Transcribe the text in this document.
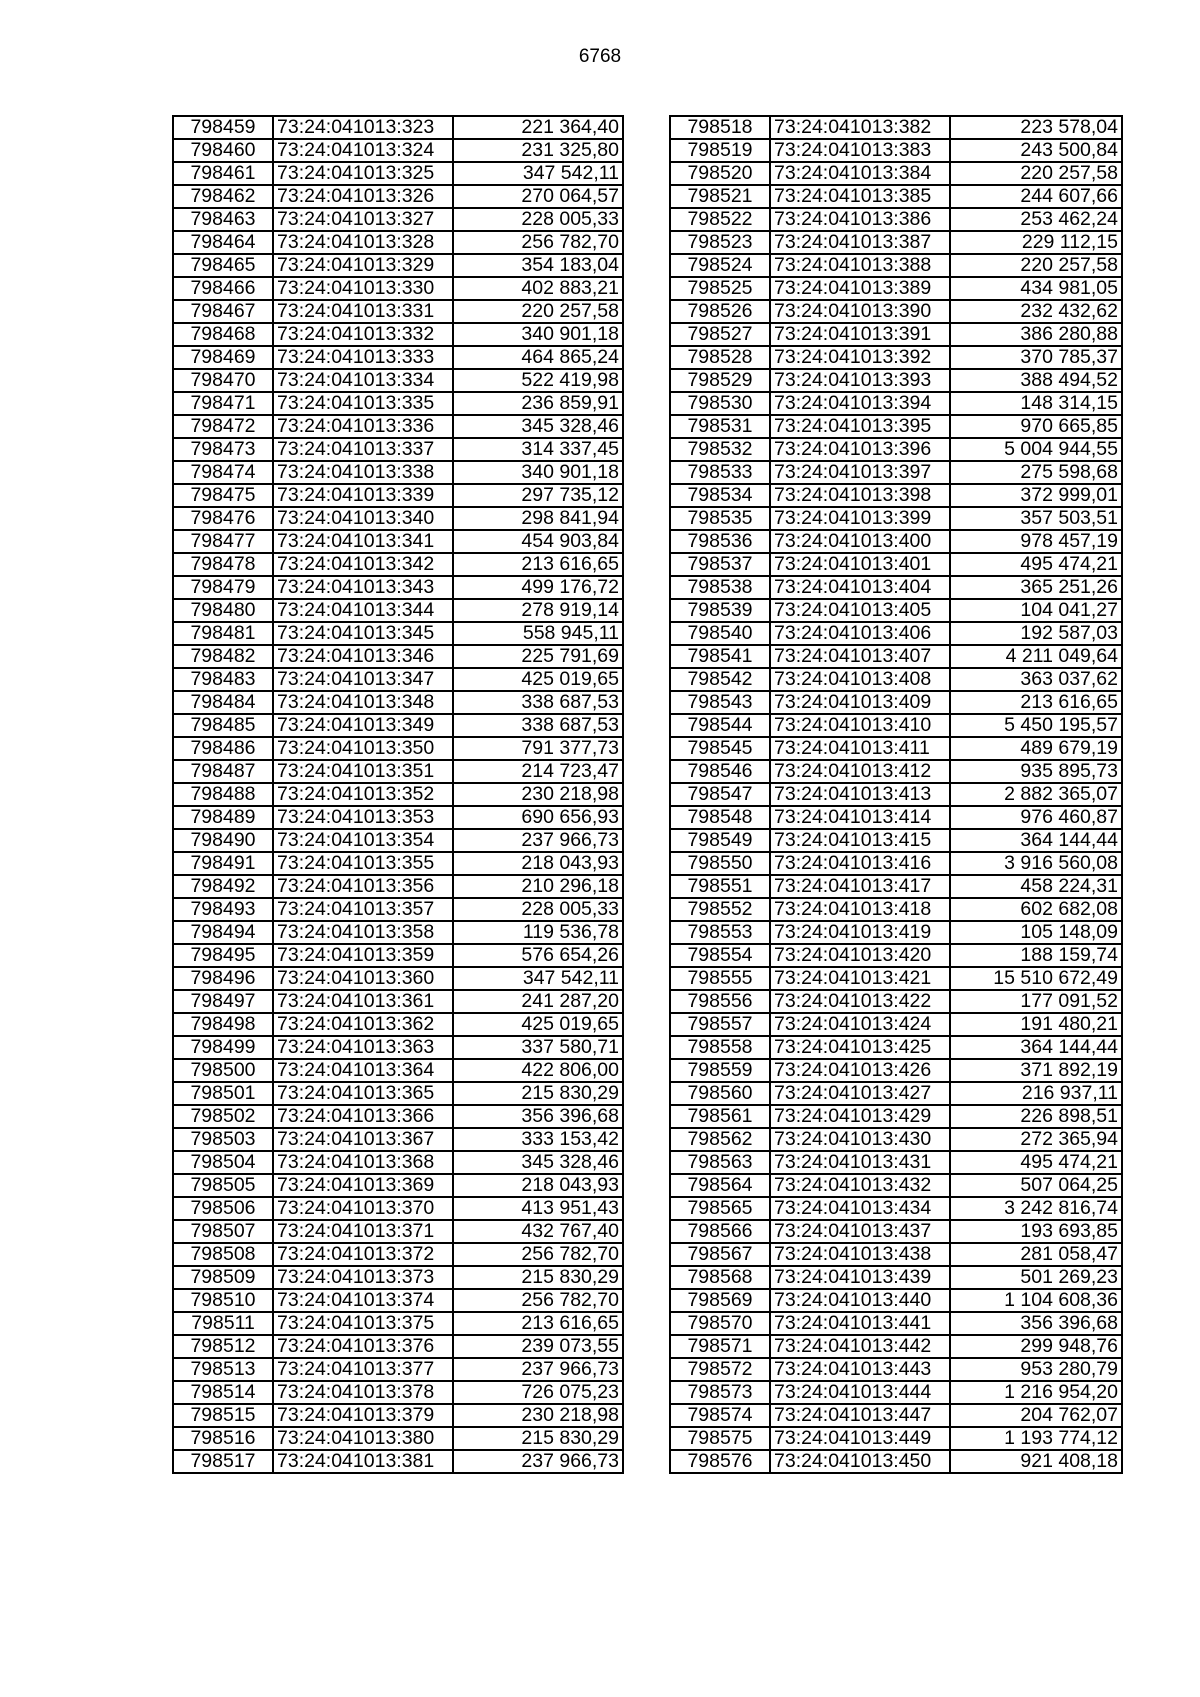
6768
798459	73:24:041013:323	221 364,40
798460	73:24:041013:324	231 325,80
798461	73:24:041013:325	347 542,11
798462	73:24:041013:326	270 064,57
798463	73:24:041013:327	228 005,33
798464	73:24:041013:328	256 782,70
798465	73:24:041013:329	354 183,04
798466	73:24:041013:330	402 883,21
798467	73:24:041013:331	220 257,58
798468	73:24:041013:332	340 901,18
798469	73:24:041013:333	464 865,24
798470	73:24:041013:334	522 419,98
798471	73:24:041013:335	236 859,91
798472	73:24:041013:336	345 328,46
798473	73:24:041013:337	314 337,45
798474	73:24:041013:338	340 901,18
798475	73:24:041013:339	297 735,12
798476	73:24:041013:340	298 841,94
798477	73:24:041013:341	454 903,84
798478	73:24:041013:342	213 616,65
798479	73:24:041013:343	499 176,72
798480	73:24:041013:344	278 919,14
798481	73:24:041013:345	558 945,11
798482	73:24:041013:346	225 791,69
798483	73:24:041013:347	425 019,65
798484	73:24:041013:348	338 687,53
798485	73:24:041013:349	338 687,53
798486	73:24:041013:350	791 377,73
798487	73:24:041013:351	214 723,47
798488	73:24:041013:352	230 218,98
798489	73:24:041013:353	690 656,93
798490	73:24:041013:354	237 966,73
798491	73:24:041013:355	218 043,93
798492	73:24:041013:356	210 296,18
798493	73:24:041013:357	228 005,33
798494	73:24:041013:358	119 536,78
798495	73:24:041013:359	576 654,26
798496	73:24:041013:360	347 542,11
798497	73:24:041013:361	241 287,20
798498	73:24:041013:362	425 019,65
798499	73:24:041013:363	337 580,71
798500	73:24:041013:364	422 806,00
798501	73:24:041013:365	215 830,29
798502	73:24:041013:366	356 396,68
798503	73:24:041013:367	333 153,42
798504	73:24:041013:368	345 328,46
798505	73:24:041013:369	218 043,93
798506	73:24:041013:370	413 951,43
798507	73:24:041013:371	432 767,40
798508	73:24:041013:372	256 782,70
798509	73:24:041013:373	215 830,29
798510	73:24:041013:374	256 782,70
798511	73:24:041013:375	213 616,65
798512	73:24:041013:376	239 073,55
798513	73:24:041013:377	237 966,73
798514	73:24:041013:378	726 075,23
798515	73:24:041013:379	230 218,98
798516	73:24:041013:380	215 830,29
798517	73:24:041013:381	237 966,73
798518	73:24:041013:382	223 578,04
798519	73:24:041013:383	243 500,84
798520	73:24:041013:384	220 257,58
798521	73:24:041013:385	244 607,66
798522	73:24:041013:386	253 462,24
798523	73:24:041013:387	229 112,15
798524	73:24:041013:388	220 257,58
798525	73:24:041013:389	434 981,05
798526	73:24:041013:390	232 432,62
798527	73:24:041013:391	386 280,88
798528	73:24:041013:392	370 785,37
798529	73:24:041013:393	388 494,52
798530	73:24:041013:394	148 314,15
798531	73:24:041013:395	970 665,85
798532	73:24:041013:396	5 004 944,55
798533	73:24:041013:397	275 598,68
798534	73:24:041013:398	372 999,01
798535	73:24:041013:399	357 503,51
798536	73:24:041013:400	978 457,19
798537	73:24:041013:401	495 474,21
798538	73:24:041013:404	365 251,26
798539	73:24:041013:405	104 041,27
798540	73:24:041013:406	192 587,03
798541	73:24:041013:407	4 211 049,64
798542	73:24:041013:408	363 037,62
798543	73:24:041013:409	213 616,65
798544	73:24:041013:410	5 450 195,57
798545	73:24:041013:411	489 679,19
798546	73:24:041013:412	935 895,73
798547	73:24:041013:413	2 882 365,07
798548	73:24:041013:414	976 460,87
798549	73:24:041013:415	364 144,44
798550	73:24:041013:416	3 916 560,08
798551	73:24:041013:417	458 224,31
798552	73:24:041013:418	602 682,08
798553	73:24:041013:419	105 148,09
798554	73:24:041013:420	188 159,74
798555	73:24:041013:421	15 510 672,49
798556	73:24:041013:422	177 091,52
798557	73:24:041013:424	191 480,21
798558	73:24:041013:425	364 144,44
798559	73:24:041013:426	371 892,19
798560	73:24:041013:427	216 937,11
798561	73:24:041013:429	226 898,51
798562	73:24:041013:430	272 365,94
798563	73:24:041013:431	495 474,21
798564	73:24:041013:432	507 064,25
798565	73:24:041013:434	3 242 816,74
798566	73:24:041013:437	193 693,85
798567	73:24:041013:438	281 058,47
798568	73:24:041013:439	501 269,23
798569	73:24:041013:440	1 104 608,36
798570	73:24:041013:441	356 396,68
798571	73:24:041013:442	299 948,76
798572	73:24:041013:443	953 280,79
798573	73:24:041013:444	1 216 954,20
798574	73:24:041013:447	204 762,07
798575	73:24:041013:449	1 193 774,12
798576	73:24:041013:450	921 408,18
